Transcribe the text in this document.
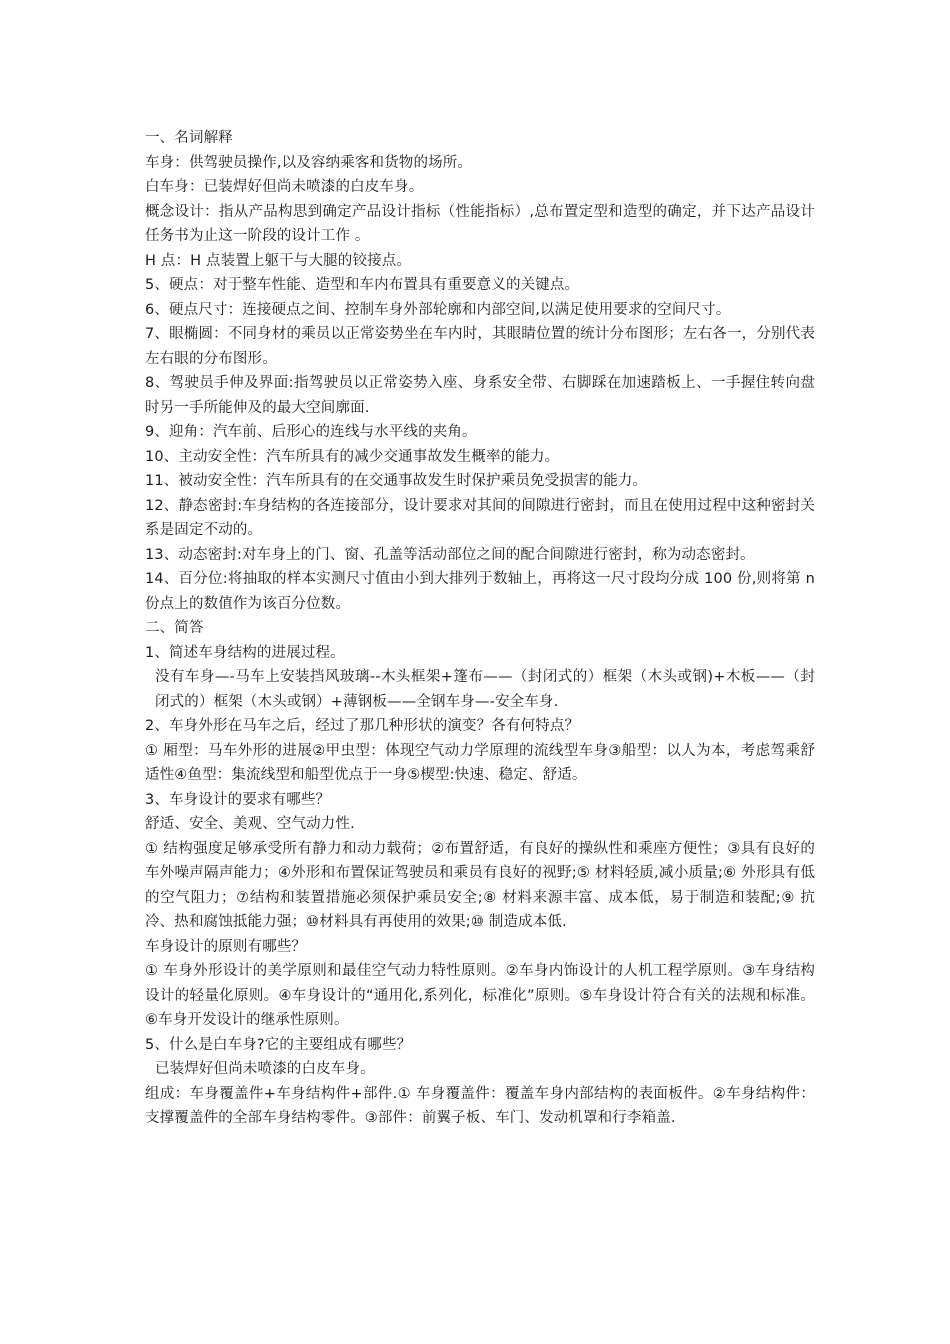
一、名词解释

车身：供驾驶员操作,以及容纳乘客和货物的场所。

白车身：已装焊好但尚未喷漆的白皮车身。

概念设计：指从产品构思到确定产品设计指标（性能指标）,总布置定型和造型的确定，并下达产品设计任务书为止这一阶段的设计工作 。

H 点：H 点装置上躯干与大腿的铰接点。

5、硬点：对于整车性能、造型和车内布置具有重要意义的关键点。

6、硬点尺寸：连接硬点之间、控制车身外部轮廓和内部空间,以满足使用要求的空间尺寸。

7、眼椭圆：不同身材的乘员以正常姿势坐在车内时，其眼睛位置的统计分布图形；左右各一，分别代表左右眼的分布图形。

8、驾驶员手伸及界面:指驾驶员以正常姿势入座、身系安全带、右脚踩在加速踏板上、一手握住转向盘时另一手所能伸及的最大空间廓面.

9、迎角：汽车前、后形心的连线与水平线的夹角。

10、主动安全性：汽车所具有的减少交通事故发生概率的能力。

11、被动安全性：汽车所具有的在交通事故发生时保护乘员免受损害的能力。

12、静态密封:车身结构的各连接部分，设计要求对其间的间隙进行密封，而且在使用过程中这种密封关系是固定不动的。

13、动态密封:对车身上的门、窗、孔盖等活动部位之间的配合间隙进行密封，称为动态密封。

14、百分位:将抽取的样本实测尺寸值由小到大排列于数轴上，再将这一尺寸段均分成 100 份,则将第 n 份点上的数值作为该百分位数。

二、简答

1、简述车身结构的进展过程。

没有车身—-马车上安装挡风玻璃--木头框架+篷布——（封闭式的）框架（木头或钢)+木板——（封闭式的）框架（木头或钢）+薄钢板——全钢车身—-安全车身.

2、车身外形在马车之后，经过了那几种形状的演变？各有何特点？

① 厢型：马车外形的进展②甲虫型：体现空气动力学原理的流线型车身③船型：以人为本，考虑驾乘舒适性④鱼型：集流线型和船型优点于一身⑤楔型:快速、稳定、舒适。

3、车身设计的要求有哪些？

舒适、安全、美观、空气动力性.

① 结构强度足够承受所有静力和动力载荷；②布置舒适，有良好的操纵性和乘座方便性；③具有良好的车外噪声隔声能力；④外形和布置保证驾驶员和乘员有良好的视野;⑤ 材料轻质,减小质量;⑥ 外形具有低的空气阻力；⑦结构和装置措施必须保护乘员安全;⑧ 材料来源丰富、成本低，易于制造和装配;⑨ 抗冷、热和腐蚀抵能力强；⑩材料具有再使用的效果;⑩ 制造成本低.

车身设计的原则有哪些？

① 车身外形设计的美学原则和最佳空气动力特性原则。②车身内饰设计的人机工程学原则。③车身结构设计的轻量化原则。④车身设计的“通用化,系列化，标准化”原则。⑤车身设计符合有关的法规和标准。⑥车身开发设计的继承性原则。

5、什么是白车身?它的主要组成有哪些？

已装焊好但尚未喷漆的白皮车身。

组成：车身覆盖件+车身结构件+部件.① 车身覆盖件：覆盖车身内部结构的表面板件。②车身结构件：支撑覆盖件的全部车身结构零件。③部件：前翼子板、车门、发动机罩和行李箱盖.
